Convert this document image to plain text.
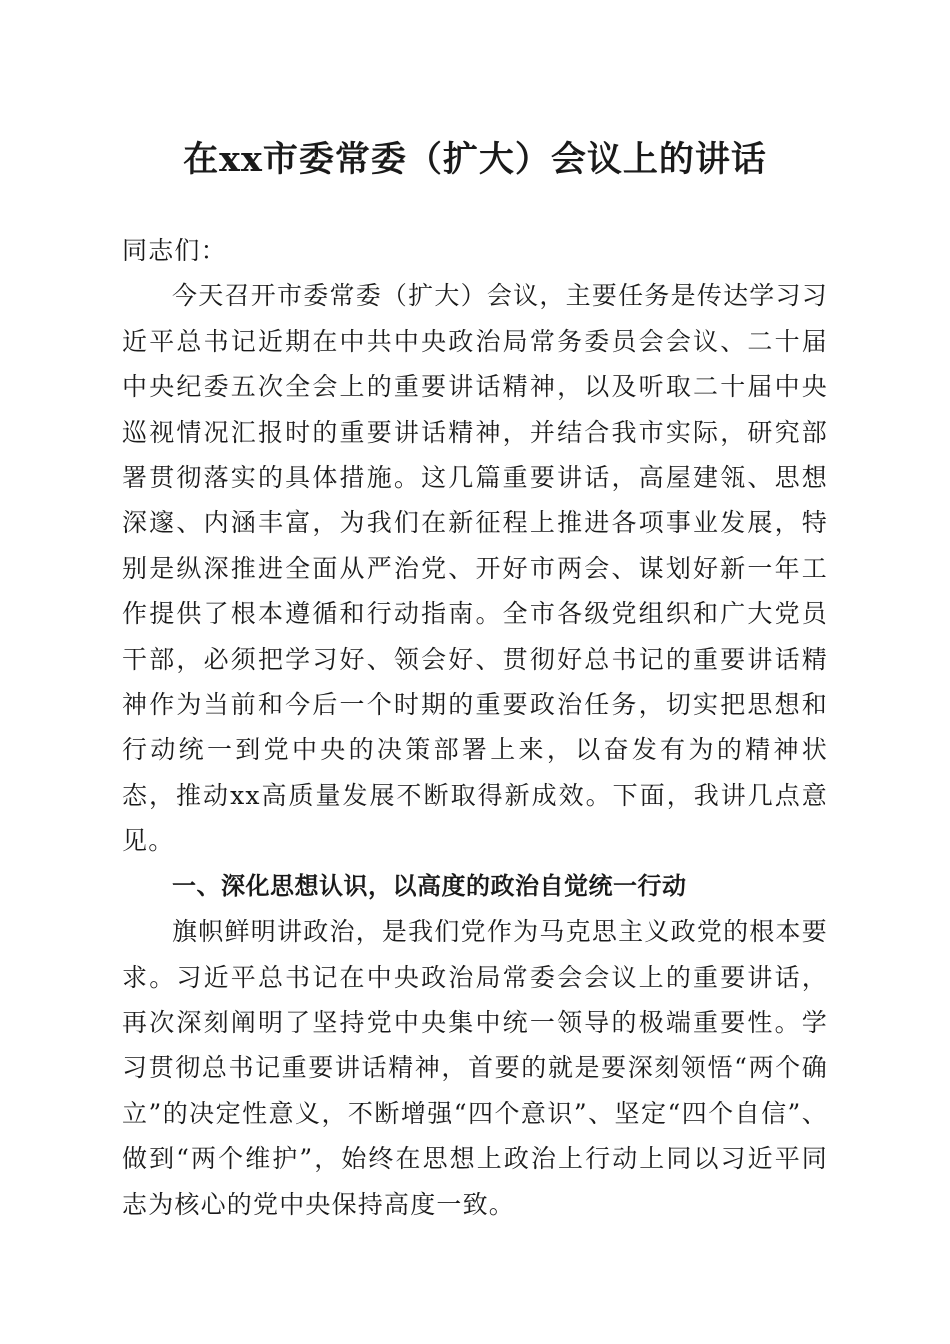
在xx市委常委（扩大）会议上的讲话

同志们：

今天召开市委常委（扩大）会议，主要任务是传达学习习近平总书记近期在中共中央政治局常务委员会会议、二十届中央纪委五次全会上的重要讲话精神，以及听取二十届中央巡视情况汇报时的重要讲话精神，并结合我市实际，研究部署贯彻落实的具体措施。这几篇重要讲话，高屋建瓴、思想深邃、内涵丰富，为我们在新征程上推进各项事业发展，特别是纵深推进全面从严治党、开好市两会、谋划好新一年工作提供了根本遵循和行动指南。全市各级党组织和广大党员干部，必须把学习好、领会好、贯彻好总书记的重要讲话精神作为当前和今后一个时期的重要政治任务，切实把思想和行动统一到党中央的决策部署上来，以奋发有为的精神状态，推动xx高质量发展不断取得新成效。下面，我讲几点意见。

一、深化思想认识，以高度的政治自觉统一行动

旗帜鲜明讲政治，是我们党作为马克思主义政党的根本要求。习近平总书记在中央政治局常委会会议上的重要讲话，再次深刻阐明了坚持党中央集中统一领导的极端重要性。学习贯彻总书记重要讲话精神，首要的就是要深刻领悟“两个确立”的决定性意义，不断增强“四个意识”、坚定“四个自信”、做到“两个维护”，始终在思想上政治上行动上同以习近平同志为核心的党中央保持高度一致。
